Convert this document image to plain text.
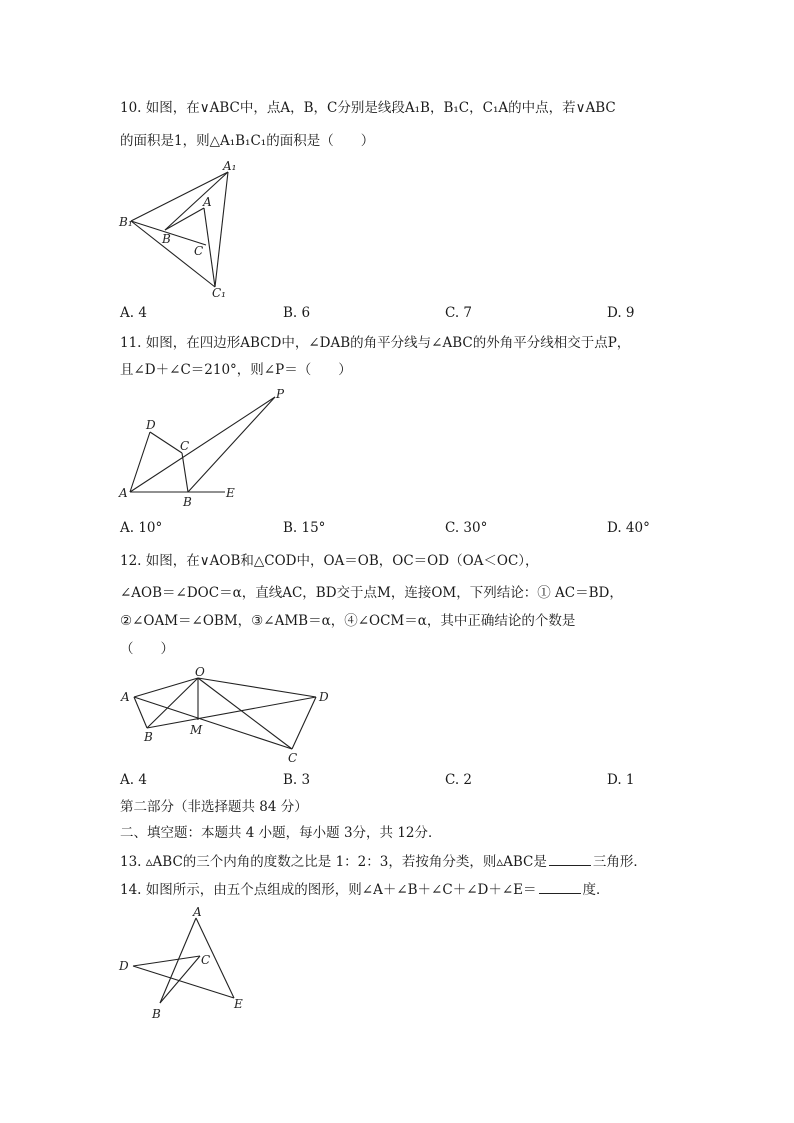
10. 如图，在∨ABC中，点A，B，C分别是线段A₁B，B₁C，C₁A的中点，若∨ABC
的面积是1，则△A₁B₁C₁的面积是（　　）
A₁
B₁
C₁
A
B
C
D
C
A
B
E
P
O
A
B	M
C
D
A
D	C
B
E
A. 4	B. 6	C. 7	D. 9
11. 如图，在四边形ABCD中，∠DAB的角平分线与∠ABC的外角平分线相交于点P，
且∠D＋∠C＝210°，则∠P＝（　　）
A. 10°	B. 15°	C. 30°	D. 40°
12. 如图，在∨AOB和△COD中，OA＝OB，OC＝OD（OA＜OC），
∠AOB＝∠DOC＝α，直线AC，BD交于点M，连接OM，下列结论：① AC＝BD，
②∠OAM＝∠OBM，③∠AMB＝α，④∠OCM＝α，其中正确结论的个数是
（　　）
A. 4	B. 3	C. 2	D. 1
第二部分（非选择题共 84 分）
二、填空题：本题共 4 小题，每小题 3分，共 12分．
13. ▵ABC的三个内角的度数之比是 1：2：3，若按角分类，则▵ABC是	三角形．
14. 如图所示，由五个点组成的图形，则∠A＋∠B＋∠C＋∠D＋∠E＝	度．
